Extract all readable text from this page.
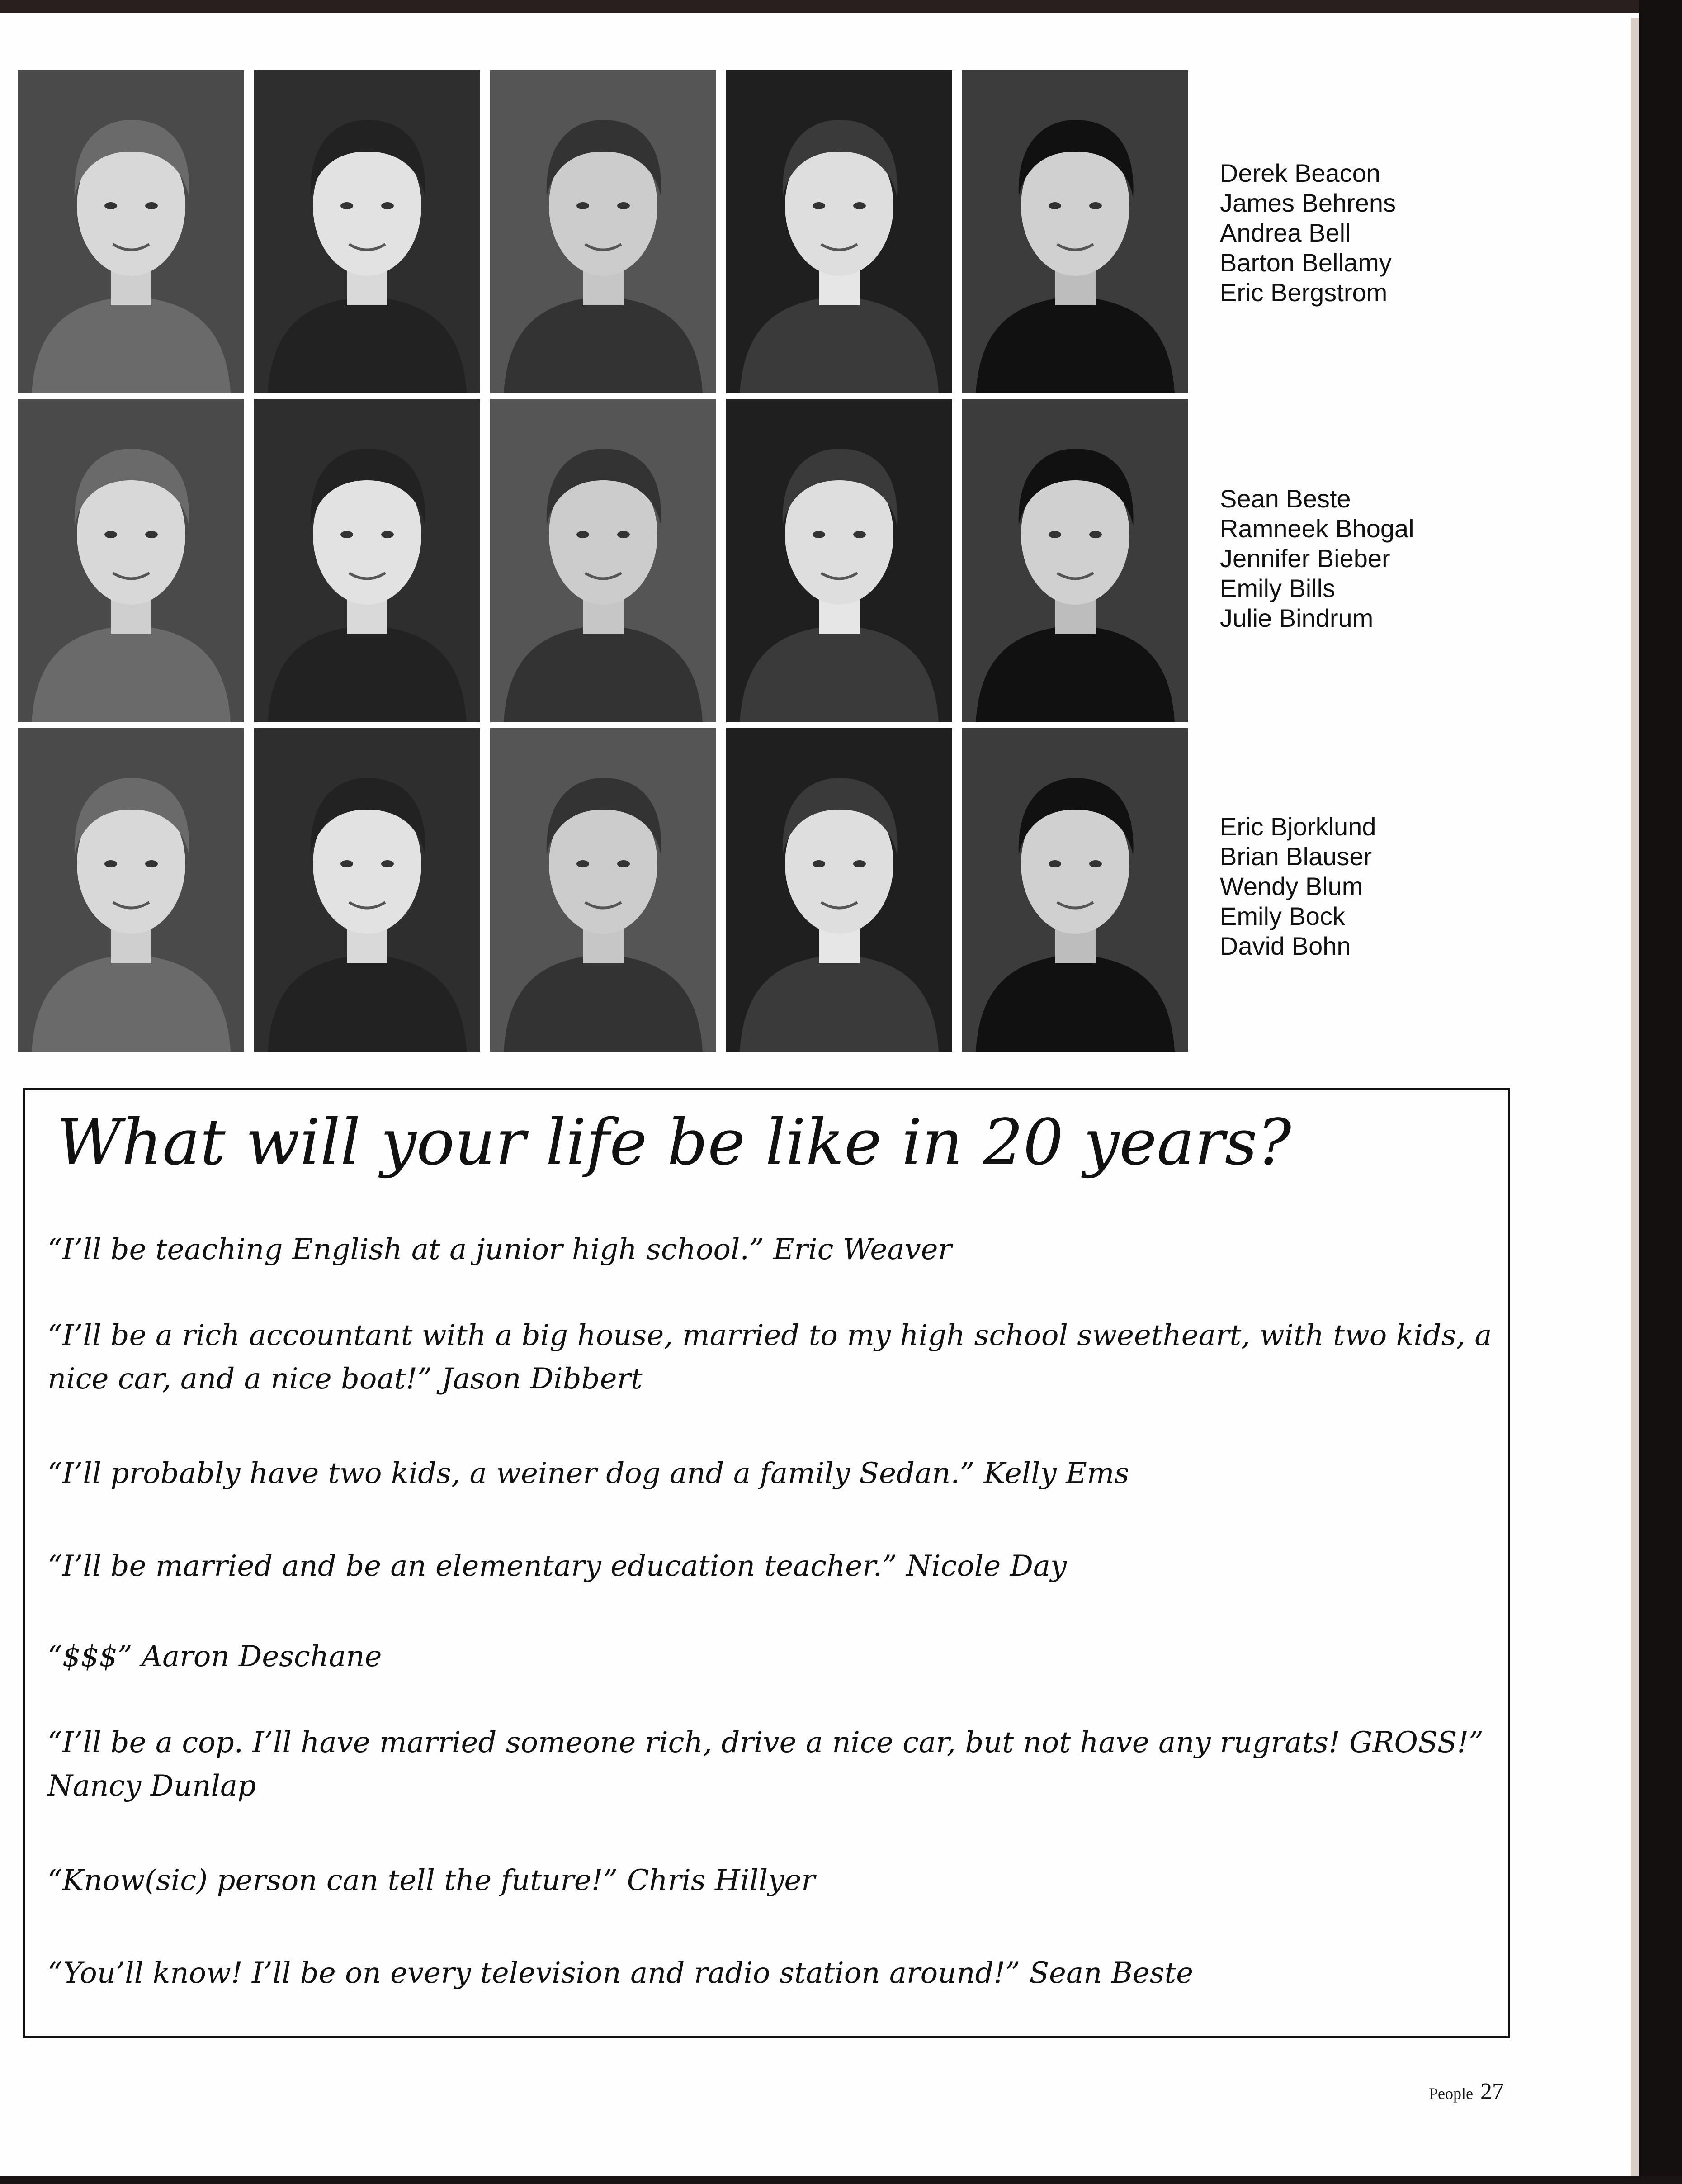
Derek Beacon
James Behrens
Andrea Bell
Barton Bellamy
Eric Bergstrom
Sean Beste
Ramneek Bhogal
Jennifer Bieber
Emily Bills
Julie Bindrum
Eric Bjorklund
Brian Blauser
Wendy Blum
Emily Bock
David Bohn
What will your life be like in 20 years?
“I’ll be teaching English at a junior high school.” Eric Weaver
“I’ll be a rich accountant with a big house, married to my high school sweetheart, with two kids, a nice car, and a nice boat!” Jason Dibbert
“I’ll probably have two kids, a weiner dog and a family Sedan.” Kelly Ems
“I’ll be married and be an elementary education teacher.” Nicole Day
“$$$” Aaron Deschane
“I’ll be a cop. I’ll have married someone rich, drive a nice car, but not have any rugrats! GROSS!” Nancy Dunlap
“Know(sic) person can tell the future!” Chris Hillyer
“You’ll know! I’ll be on every television and radio station around!” Sean Beste
People 27
